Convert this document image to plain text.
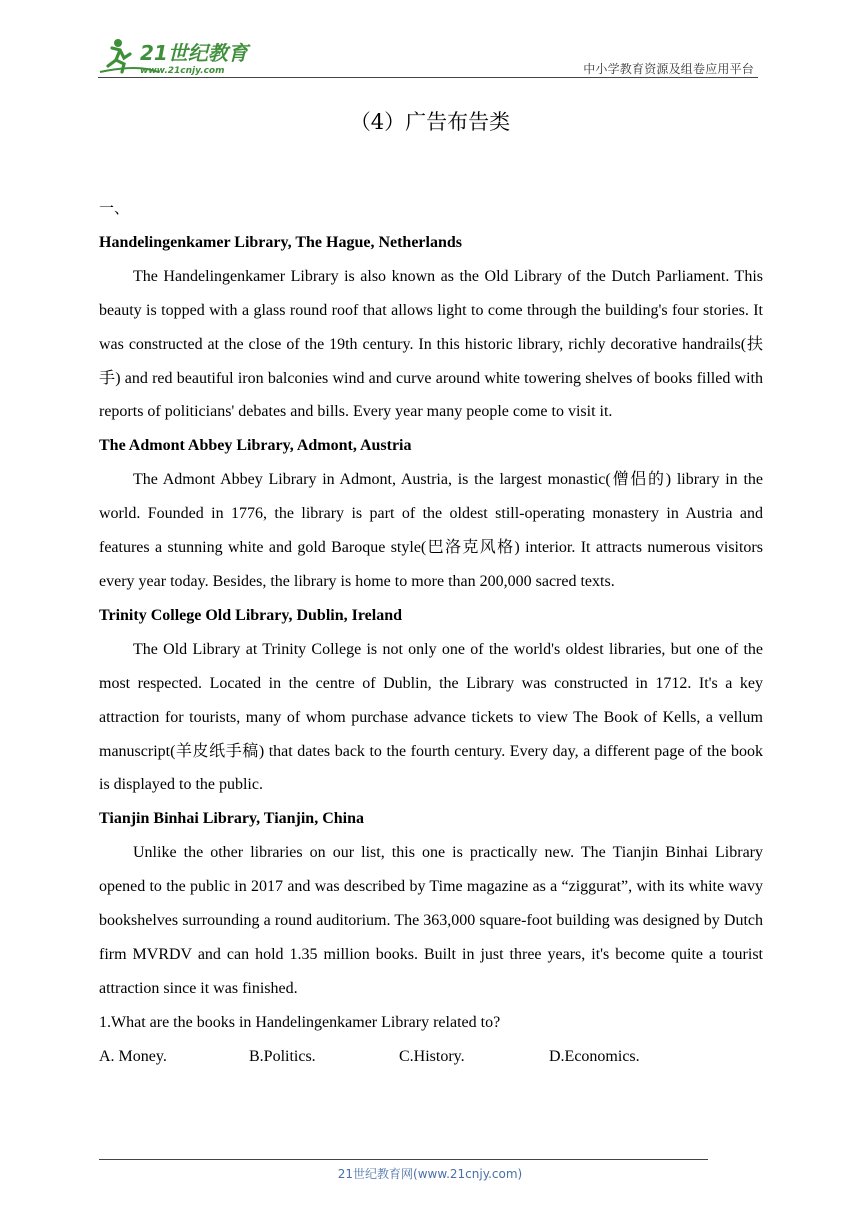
21世纪教育
www.21cnjy.com	中小学教育资源及组卷应用平台
（4）广告布告类

一、

Handelingenkamer Library, The Hague, Netherlands

The Handelingenkamer Library is also known as the Old Library of the Dutch Parliament. This beauty is topped with a glass round roof that allows light to come through the building's four stories. It was constructed at the close of the 19th century. In this historic library, richly decorative handrails(扶手) and red beautiful iron balconies wind and curve around white towering shelves of books filled with reports of politicians' debates and bills. Every year many people come to visit it.

The Admont Abbey Library, Admont, Austria

The Admont Abbey Library in Admont, Austria, is the largest monastic(僧侣的) library in the world. Founded in 1776, the library is part of the oldest still-operating monastery in Austria and features a stunning white and gold Baroque style(巴洛克风格) interior. It attracts numerous visitors every year today. Besides, the library is home to more than 200,000 sacred texts.

Trinity College Old Library, Dublin, Ireland

The Old Library at Trinity College is not only one of the world's oldest libraries, but one of the most respected. Located in the centre of Dublin, the Library was constructed in 1712. It's a key attraction for tourists, many of whom purchase advance tickets to view The Book of Kells, a vellum manuscript(羊皮纸手稿) that dates back to the fourth century. Every day, a different page of the book is displayed to the public.

Tianjin Binhai Library, Tianjin, China

Unlike the other libraries on our list, this one is practically new. The Tianjin Binhai Library opened to the public in 2017 and was described by Time magazine as a “ziggurat”, with its white wavy bookshelves surrounding a round auditorium. The 363,000 square-foot building was designed by Dutch firm MVRDV and can hold 1.35 million books. Built in just three years, it's become quite a tourist attraction since it was finished.

1.What are the books in Handelingenkamer Library related to?

A. Money.	B.Politics.	C.History.	D.Economics.

21世纪教育网(www.21cnjy.com)
